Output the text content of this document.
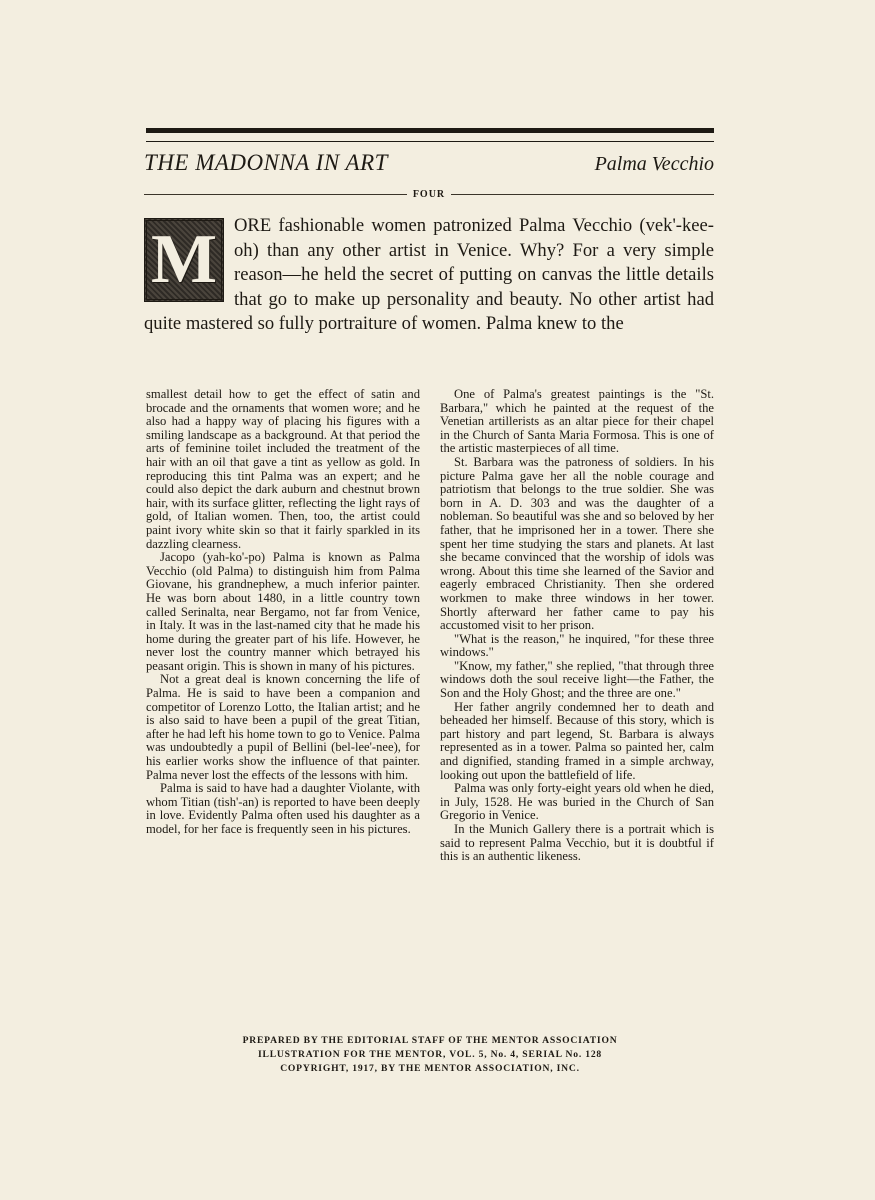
THE MADONNA IN ART	Palma Vecchio
FOUR
M ORE fashionable women patronized Palma Vecchio (vek'-kee-oh) than any other artist in Venice. Why? For a very simple reason—he held the secret of putting on canvas the little details that go to make up personality and beauty. No other artist had quite mastered so fully portraiture of women. Palma knew to the

smallest detail how to get the effect of satin and brocade and the ornaments that women wore; and he also had a happy way of placing his figures with a smiling landscape as a background. At that period the arts of feminine toilet included the treatment of the hair with an oil that gave a tint as yellow as gold. In reproducing this tint Palma was an expert; and he could also depict the dark auburn and chestnut brown hair, with its surface glitter, reflecting the light rays of gold, of Italian women. Then, too, the artist could paint ivory white skin so that it fairly sparkled in its dazzling clearness.

Jacopo (yah-ko'-po) Palma is known as Palma Vecchio (old Palma) to distinguish him from Palma Giovane, his grandnephew, a much inferior painter. He was born about 1480, in a little country town called Serinalta, near Bergamo, not far from Venice, in Italy. It was in the last-named city that he made his home during the greater part of his life. However, he never lost the country manner which betrayed his peasant origin. This is shown in many of his pictures.

Not a great deal is known concerning the life of Palma. He is said to have been a companion and competitor of Lorenzo Lotto, the Italian artist; and he is also said to have been a pupil of the great Titian, after he had left his home town to go to Venice. Palma was undoubtedly a pupil of Bellini (bel-lee'-nee), for his earlier works show the influence of that painter. Palma never lost the effects of the lessons with him.

Palma is said to have had a daughter Violante, with whom Titian (tish'-an) is reported to have been deeply in love. Evidently Palma often used his daughter as a model, for her face is frequently seen in his pictures.

One of Palma's greatest paintings is the "St. Barbara," which he painted at the request of the Venetian artillerists as an altar piece for their chapel in the Church of Santa Maria Formosa. This is one of the artistic masterpieces of all time.

St. Barbara was the patroness of soldiers. In his picture Palma gave her all the noble courage and patriotism that belongs to the true soldier. She was born in A. D. 303 and was the daughter of a nobleman. So beautiful was she and so beloved by her father, that he imprisoned her in a tower. There she spent her time studying the stars and planets. At last she became convinced that the worship of idols was wrong. About this time she learned of the Savior and eagerly embraced Christianity. Then she ordered workmen to make three windows in her tower. Shortly afterward her father came to pay his accustomed visit to her prison.

"What is the reason," he inquired, "for these three windows."

"Know, my father," she replied, "that through three windows doth the soul receive light—the Father, the Son and the Holy Ghost; and the three are one."

Her father angrily condemned her to death and beheaded her himself. Because of this story, which is part history and part legend, St. Barbara is always represented as in a tower. Palma so painted her, calm and dignified, standing framed in a simple archway, looking out upon the battlefield of life.

Palma was only forty-eight years old when he died, in July, 1528. He was buried in the Church of San Gregorio in Venice.

In the Munich Gallery there is a portrait which is said to represent Palma Vecchio, but it is doubtful if this is an authentic likeness.

PREPARED BY THE EDITORIAL STAFF OF THE MENTOR ASSOCIATION
ILLUSTRATION FOR THE MENTOR, VOL. 5, No. 4, SERIAL No. 128
COPYRIGHT, 1917, BY THE MENTOR ASSOCIATION, INC.
